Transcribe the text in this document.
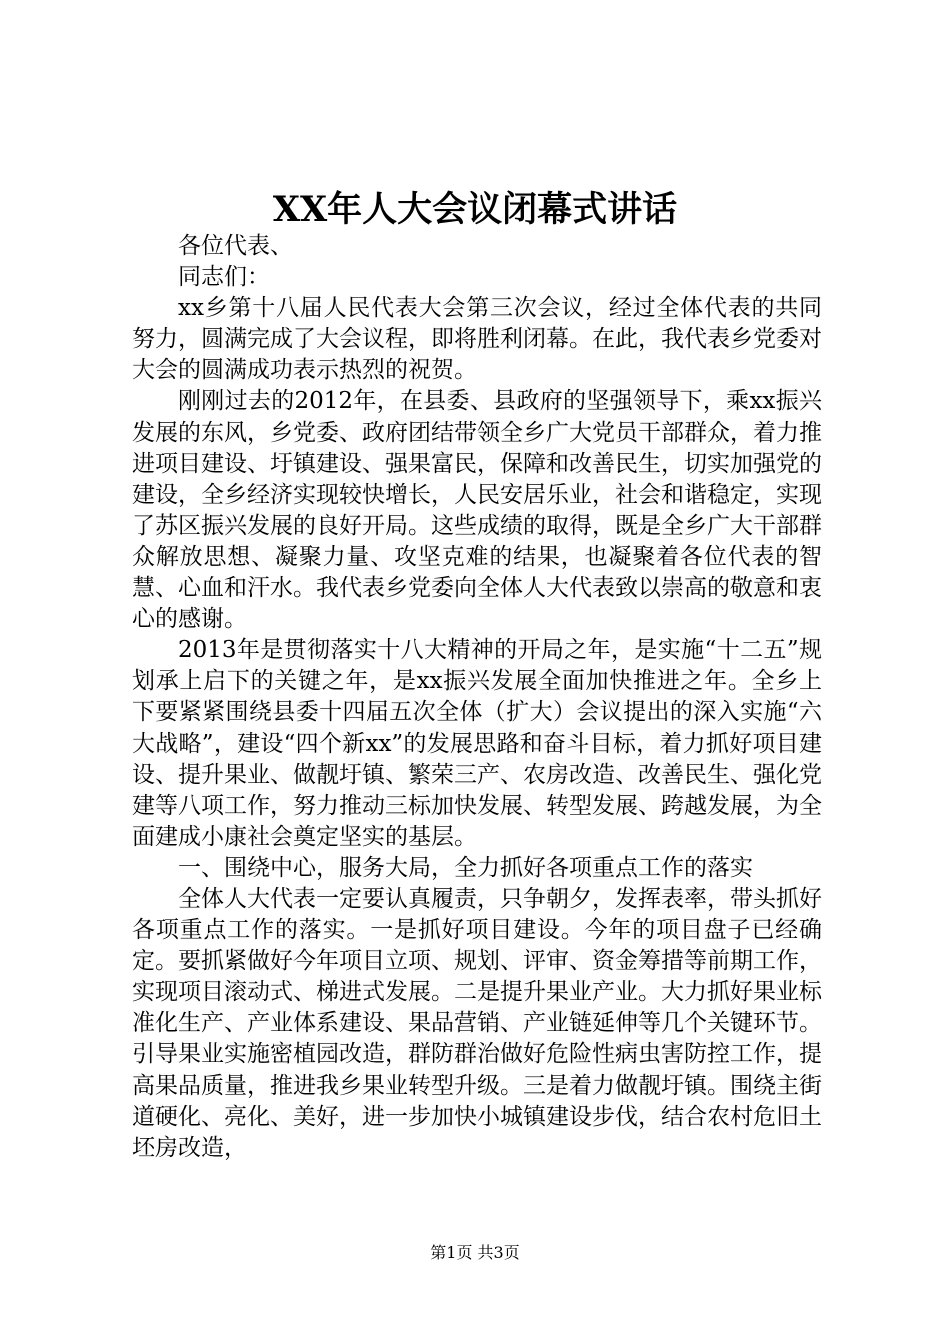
XX年人大会议闭幕式讲话

各位代表、

同志们：

xx乡第十八届人民代表大会第三次会议，经过全体代表的共同努力，圆满完成了大会议程，即将胜利闭幕。在此，我代表乡党委对大会的圆满成功表示热烈的祝贺。

刚刚过去的2012年，在县委、县政府的坚强领导下，乘xx振兴发展的东风，乡党委、政府团结带领全乡广大党员干部群众，着力推进项目建设、圩镇建设、强果富民，保障和改善民生，切实加强党的建设，全乡经济实现较快增长，人民安居乐业，社会和谐稳定，实现了苏区振兴发展的良好开局。这些成绩的取得，既是全乡广大干部群众解放思想、凝聚力量、攻坚克难的结果，也凝聚着各位代表的智慧、心血和汗水。我代表乡党委向全体人大代表致以崇高的敬意和衷心的感谢。

2013年是贯彻落实十八大精神的开局之年，是实施“十二五”规划承上启下的关键之年，是xx振兴发展全面加快推进之年。全乡上下要紧紧围绕县委十四届五次全体（扩大）会议提出的深入实施“六大战略”，建设“四个新xx”的发展思路和奋斗目标，着力抓好项目建设、提升果业、做靓圩镇、繁荣三产、农房改造、改善民生、强化党建等八项工作，努力推动三标加快发展、转型发展、跨越发展，为全面建成小康社会奠定坚实的基层。

一、围绕中心，服务大局，全力抓好各项重点工作的落实

全体人大代表一定要认真履责，只争朝夕，发挥表率，带头抓好各项重点工作的落实。一是抓好项目建设。今年的项目盘子已经确定。要抓紧做好今年项目立项、规划、评审、资金筹措等前期工作，实现项目滚动式、梯进式发展。二是提升果业产业。大力抓好果业标准化生产、产业体系建设、果品营销、产业链延伸等几个关键环节。引导果业实施密植园改造，群防群治做好危险性病虫害防控工作，提高果品质量，推进我乡果业转型升级。三是着力做靓圩镇。围绕主街道硬化、亮化、美好，进一步加快小城镇建设步伐，结合农村危旧土坯房改造，

第1页 共3页
